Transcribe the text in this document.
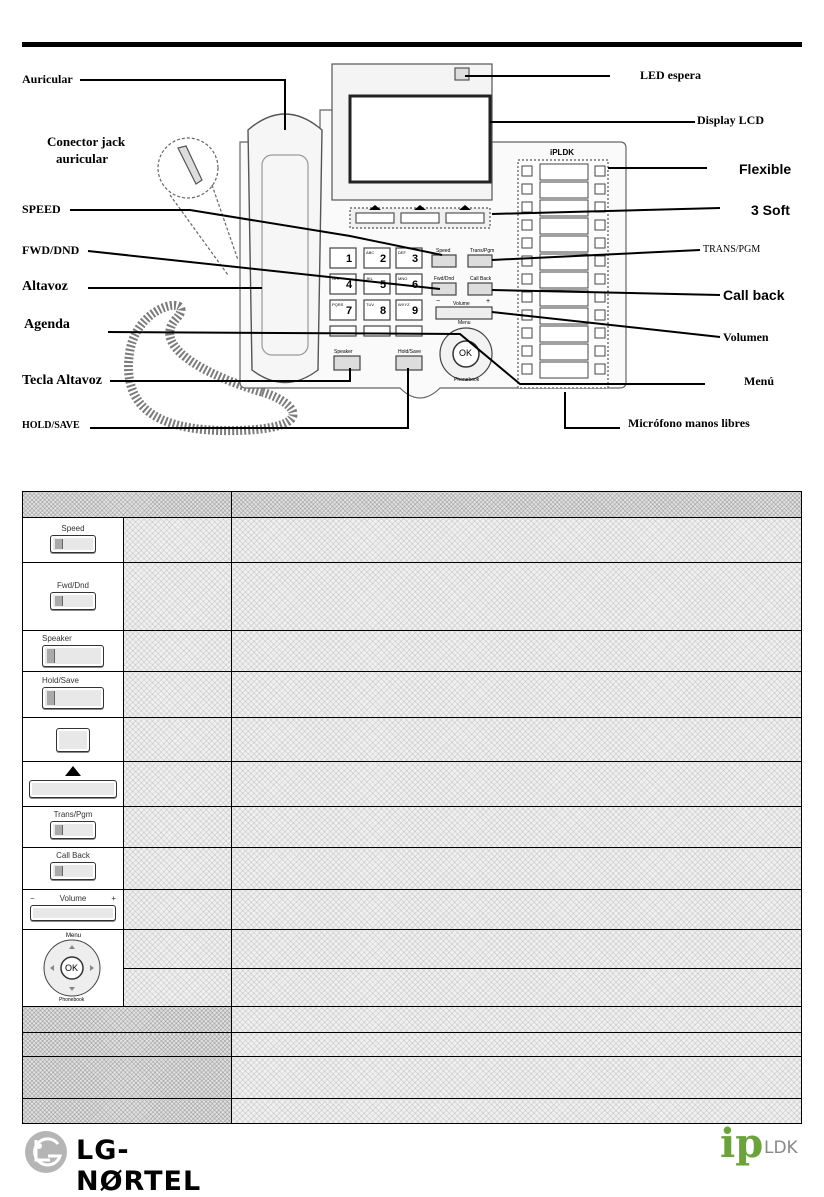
iPLDK
OK
Menu
Phonebook
Speed	Trans/Pgm
Fwd/Dnd	Call Back
Volume
−	+
Speaker	Hold/Save
1	2
ABC
3
DEF
4
GHI
5
JKL
6
MNO
7
PQRS
8
TUV
9
WXYZ
Auricular
Conector jack
auricular
SPEED
FWD/DND
Altavoz
Agenda
Tecla Altavoz
HOLD/SAVE
LED espera
Display LCD
Flexible
3 Soft
TRANS/PGM
Call back
Volumen
Menú
Micrófono manos libres

Speed		

Fwd/Dnd		

Speaker		

Hold/Save		

Trans/Pgm		

Call Back		

− Volume +		

Menu
OK
Phonebook		

LG-NØRTEL
ip LDK
